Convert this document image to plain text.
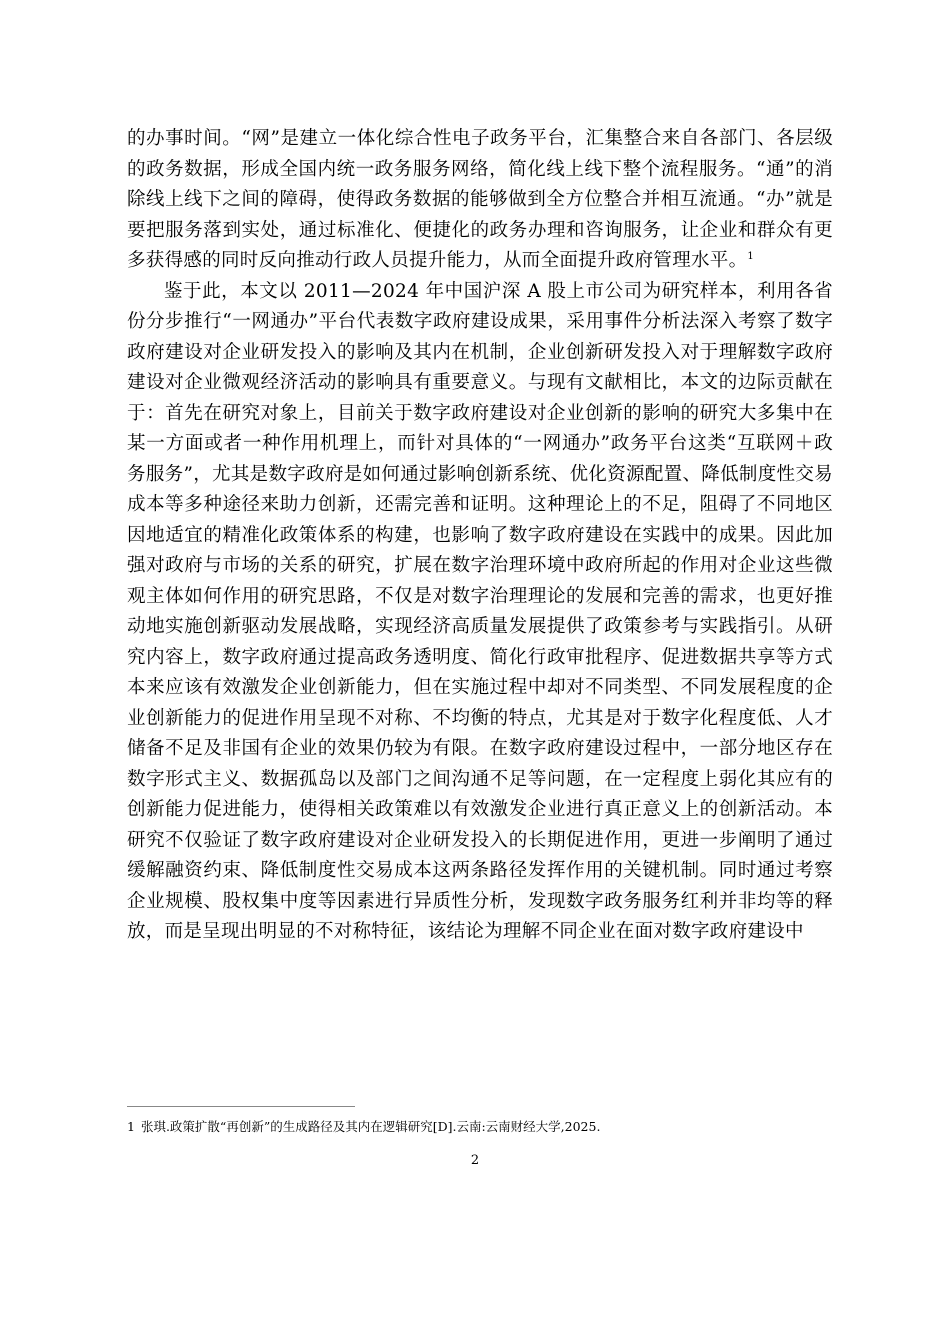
的办事时间。“网”是建立一体化综合性电子政务平台，汇集整合来自各部门、各层级的政务数据，形成全国内统一政务服务网络，简化线上线下整个流程服务。“通”的消除线上线下之间的障碍，使得政务数据的能够做到全方位整合并相互流通。“办”就是要把服务落到实处，通过标准化、便捷化的政务办理和咨询服务，让企业和群众有更多获得感的同时反向推动行政人员提升能力，从而全面提升政府管理水平。$^1$

鉴于此，本文以 2011—2024 年中国沪深 A 股上市公司为研究样本，利用各省份分步推行“一网通办”平台代表数字政府建设成果，采用事件分析法深入考察了数字政府建设对企业研发投入的影响及其内在机制，企业创新研发投入对于理解数字政府建设对企业微观经济活动的影响具有重要意义。与现有文献相比，本文的边际贡献在于：首先在研究对象上，目前关于数字政府建设对企业创新的影响的研究大多集中在某一方面或者一种作用机理上，而针对具体的“一网通办”政务平台这类“互联网＋政务服务”，尤其是数字政府是如何通过影响创新系统、优化资源配置、降低制度性交易成本等多种途径来助力创新，还需完善和证明。这种理论上的不足，阻碍了不同地区因地适宜的精准化政策体系的构建，也影响了数字政府建设在实践中的成果。因此加强对政府与市场的关系的研究，扩展在数字治理环境中政府所起的作用对企业这些微观主体如何作用的研究思路，不仅是对数字治理理论的发展和完善的需求，也更好推动地实施创新驱动发展战略，实现经济高质量发展提供了政策参考与实践指引。从研究内容上，数字政府通过提高政务透明度、简化行政审批程序、促进数据共享等方式本来应该有效激发企业创新能力，但在实施过程中却对不同类型、不同发展程度的企业创新能力的促进作用呈现不对称、不均衡的特点，尤其是对于数字化程度低、人才储备不足及非国有企业的效果仍较为有限。在数字政府建设过程中，一部分地区存在数字形式主义、数据孤岛以及部门之间沟通不足等问题，在一定程度上弱化其应有的创新能力促进能力，使得相关政策难以有效激发企业进行真正意义上的创新活动。本研究不仅验证了数字政府建设对企业研发投入的长期促进作用，更进一步阐明了通过缓解融资约束、降低制度性交易成本这两条路径发挥作用的关键机制。同时通过考察企业规模、股权集中度等因素进行异质性分析，发现数字政务服务红利并非均等的释放，而是呈现出明显的不对称特征，该结论为理解不同企业在面对数字政府建设中

1 张琪.政策扩散“再创新”的生成路径及其内在逻辑研究[D].云南:云南财经大学,2025.
2
